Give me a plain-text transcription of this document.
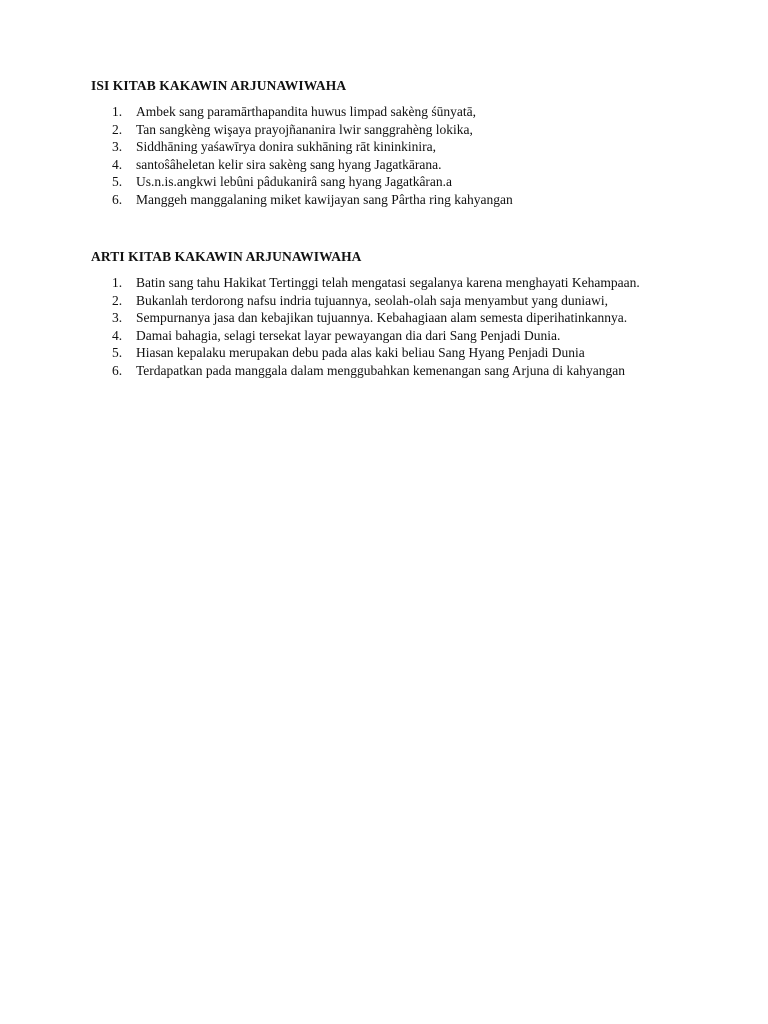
ISI KITAB KAKAWIN ARJUNAWIWAHA
1.	Ambek sang paramārthapandita huwus limpad sakèng śūnyatā,
2.	Tan sangkèng wişaya prayojñananira lwir sanggrahèng lokika,
3.	Siddhāning yaśawīrya donira sukhāning rāt kininkinira,
4.	santoŝâheletan kelir sira sakèng sang hyang Jagatkārana.
5.	Us.n.is.angkwi lebûni pâdukanirâ sang hyang Jagatkâran.a
6.	Manggeh manggalaning miket kawijayan sang Pârtha ring kahyangan
ARTI KITAB KAKAWIN ARJUNAWIWAHA
1.	Batin sang tahu Hakikat Tertinggi telah mengatasi segalanya karena menghayati Kehampaan.
2.	Bukanlah terdorong nafsu indria tujuannya, seolah-olah saja menyambut yang duniawi,
3.	Sempurnanya jasa dan kebajikan tujuannya. Kebahagiaan alam semesta diperihatinkannya.
4.	Damai bahagia, selagi tersekat layar pewayangan dia dari Sang Penjadi Dunia.
5.	Hiasan kepalaku merupakan debu pada alas kaki beliau Sang Hyang Penjadi Dunia
6.	Terdapatkan pada manggala dalam menggubahkan kemenangan sang Arjuna di kahyangan
